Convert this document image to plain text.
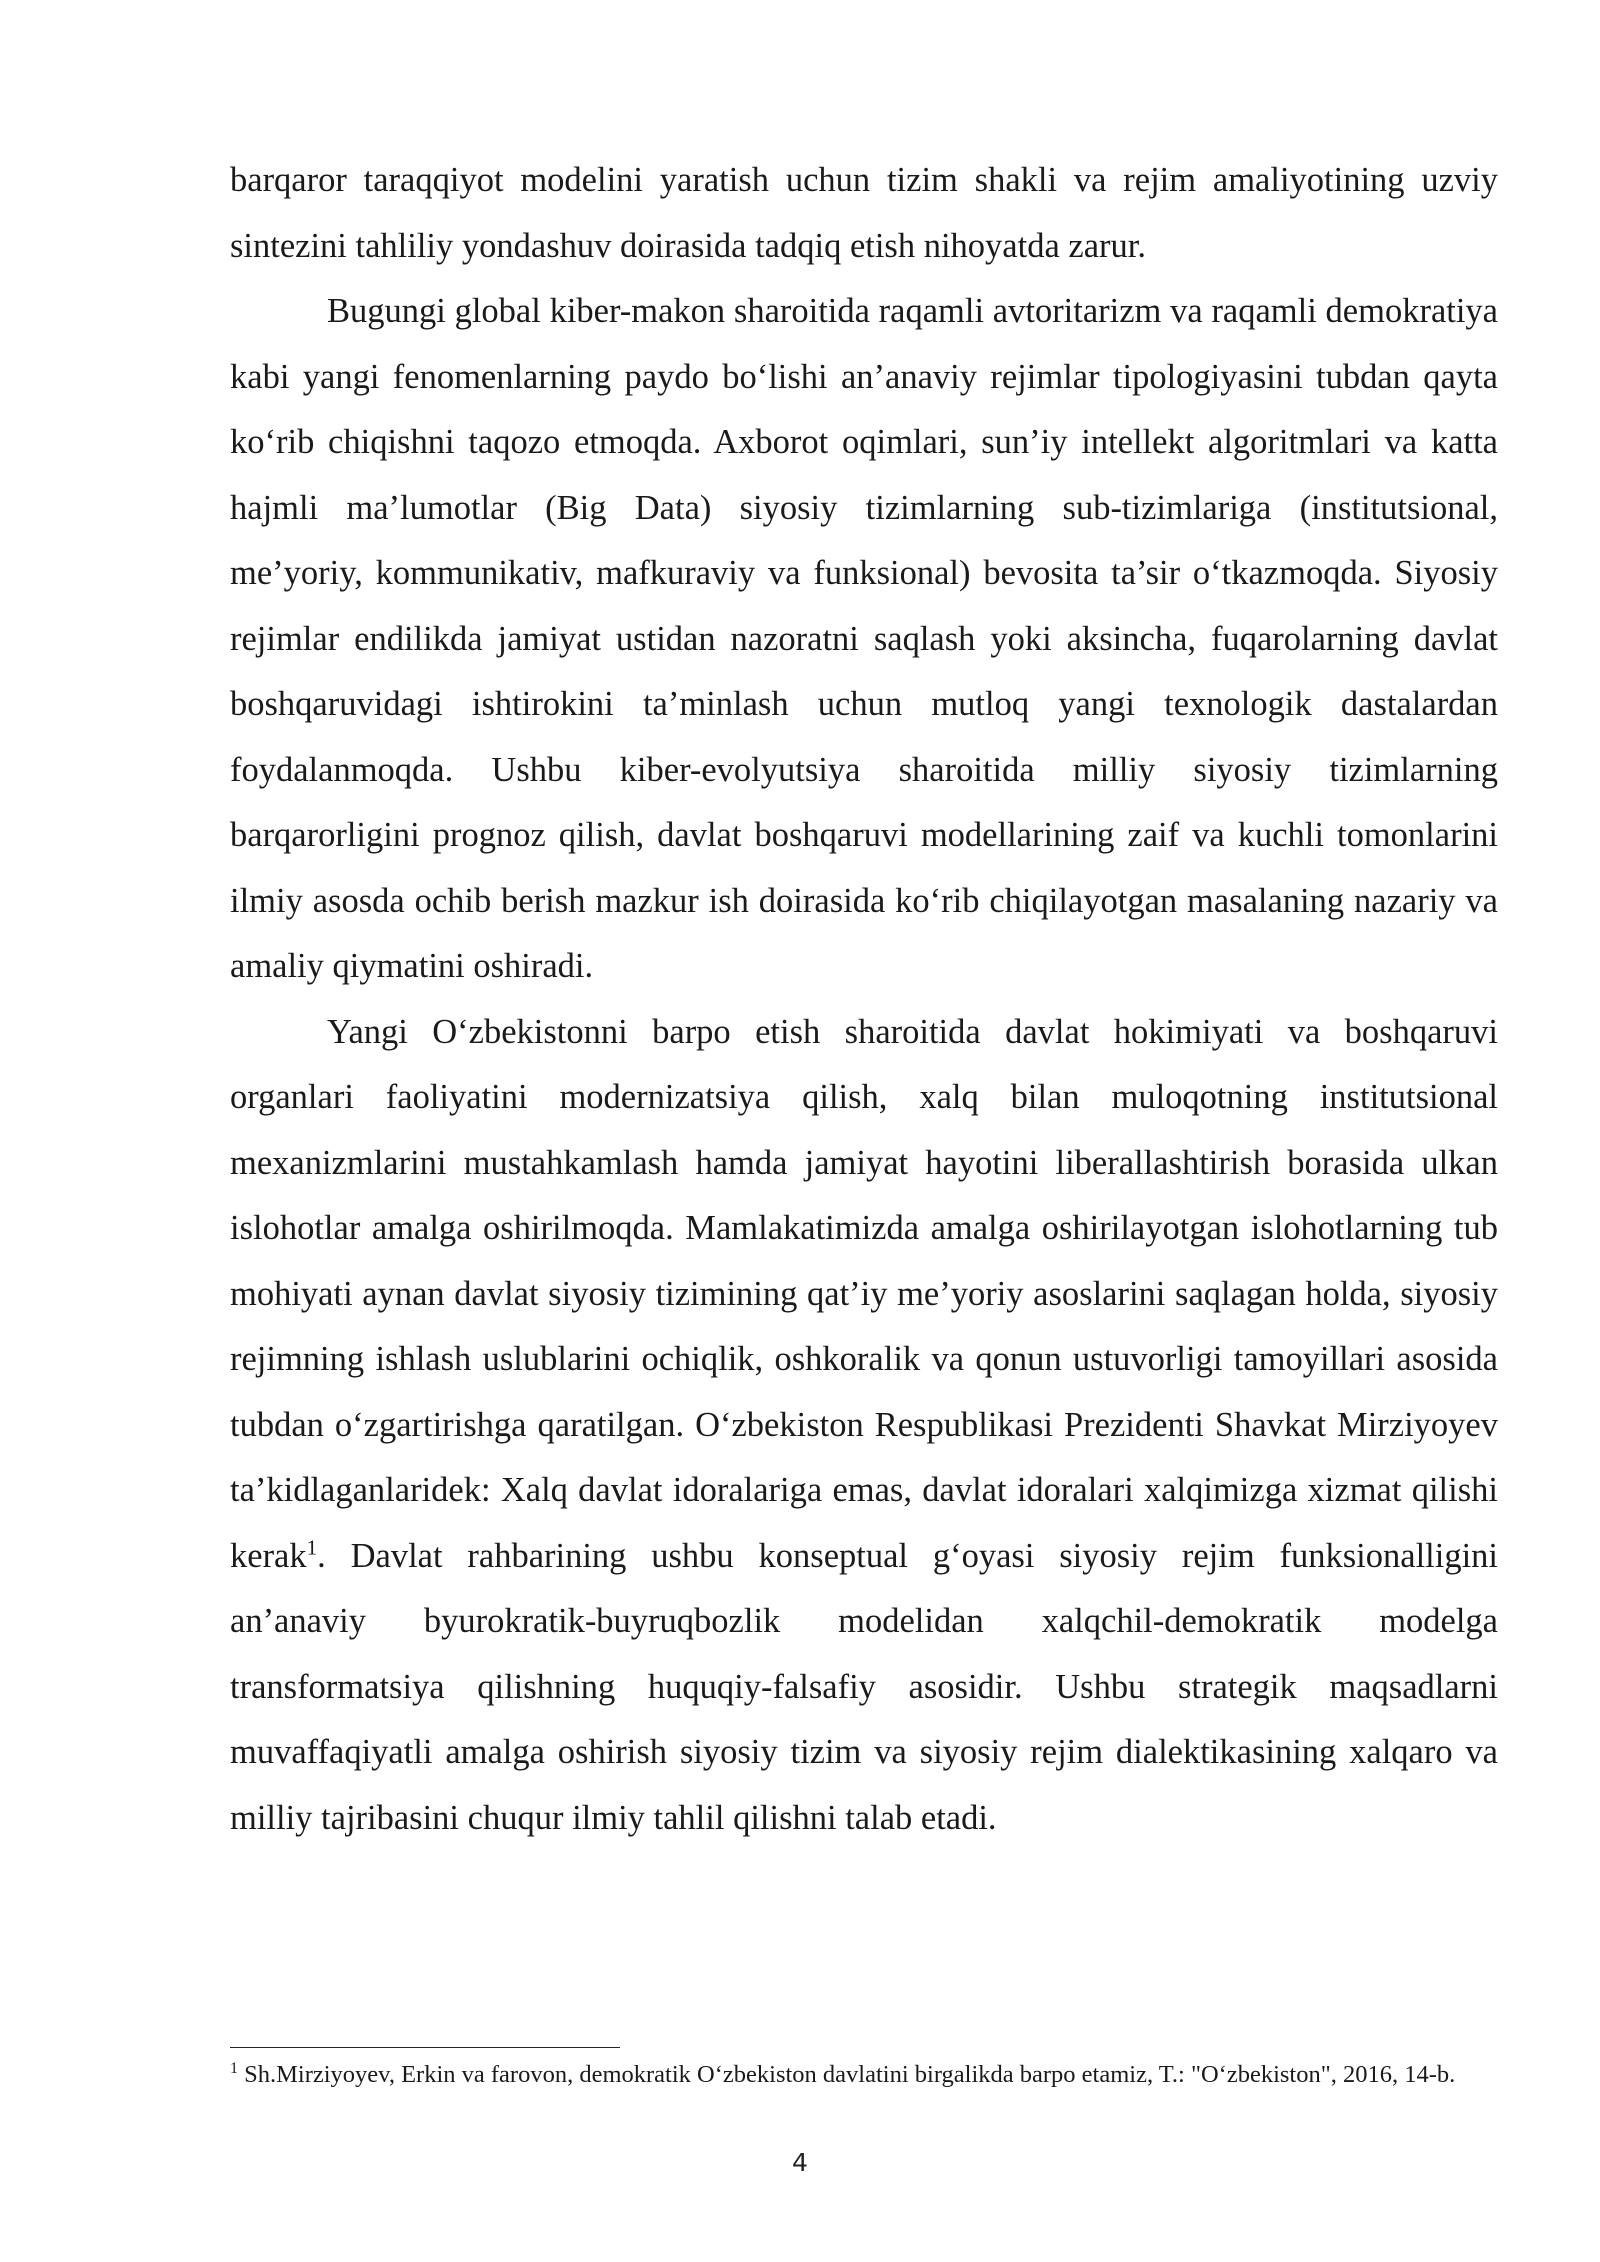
barqaror taraqqiyot modelini yaratish uchun tizim shakli va rejim amaliyotining uzviy sintezini tahliliy yondashuv doirasida tadqiq etish nihoyatda zarur.

Bugungi global kiber-makon sharoitida raqamli avtoritarizm va raqamli demokratiya kabi yangi fenomenlarning paydo bo‘lishi an’anaviy rejimlar tipologiyasini tubdan qayta ko‘rib chiqishni taqozo etmoqda. Axborot oqimlari, sun’iy intellekt algoritmlari va katta hajmli ma’lumotlar (Big Data) siyosiy tizimlarning sub-tizimlariga (institutsional, me’yoriy, kommunikativ, mafkuraviy va funksional) bevosita ta’sir o‘tkazmoqda. Siyosiy rejimlar endilikda jamiyat ustidan nazoratni saqlash yoki aksincha, fuqarolarning davlat boshqaruvidagi ishtirokini ta’minlash uchun mutloq yangi texnologik dastalardan foydalanmoqda. Ushbu kiber-evolyutsiya sharoitida milliy siyosiy tizimlarning barqarorligini prognoz qilish, davlat boshqaruvi modellarining zaif va kuchli tomonlarini ilmiy asosda ochib berish mazkur ish doirasida ko‘rib chiqilayotgan masalaning nazariy va amaliy qiymatini oshiradi.

Yangi O‘zbekistonni barpo etish sharoitida davlat hokimiyati va boshqaruvi organlari faoliyatini modernizatsiya qilish, xalq bilan muloqotning institutsional mexanizmlarini mustahkamlash hamda jamiyat hayotini liberallashtirish borasida ulkan islohotlar amalga oshirilmoqda. Mamlakatimizda amalga oshirilayotgan islohotlarning tub mohiyati aynan davlat siyosiy tizimining qat’iy me’yoriy asoslarini saqlagan holda, siyosiy rejimning ishlash uslublarini ochiqlik, oshkoralik va qonun ustuvorligi tamoyillari asosida tubdan o‘zgartirishga qaratilgan. O‘zbekiston Respublikasi Prezidenti Shavkat Mirziyoyev ta’kidlaganlaridek: Xalq davlat idoralariga emas, davlat idoralari xalqimizga xizmat qilishi kerak$^1$. Davlat rahbarining ushbu konseptual g‘oyasi siyosiy rejim funksionalligini an’anaviy byurokratik-buyruqbozlik modelidan xalqchil-demokratik modelga transformatsiya qilishning huquqiy-falsafiy asosidir. Ushbu strategik maqsadlarni muvaffaqiyatli amalga oshirish siyosiy tizim va siyosiy rejim dialektikasining xalqaro va milliy tajribasini chuqur ilmiy tahlil qilishni talab etadi.

$^1$ Sh.Mirziyoyev, Erkin va farovon, demokratik O‘zbekiston davlatini birgalikda barpo etamiz, T.: "O‘zbekiston", 2016, 14-b.

4
